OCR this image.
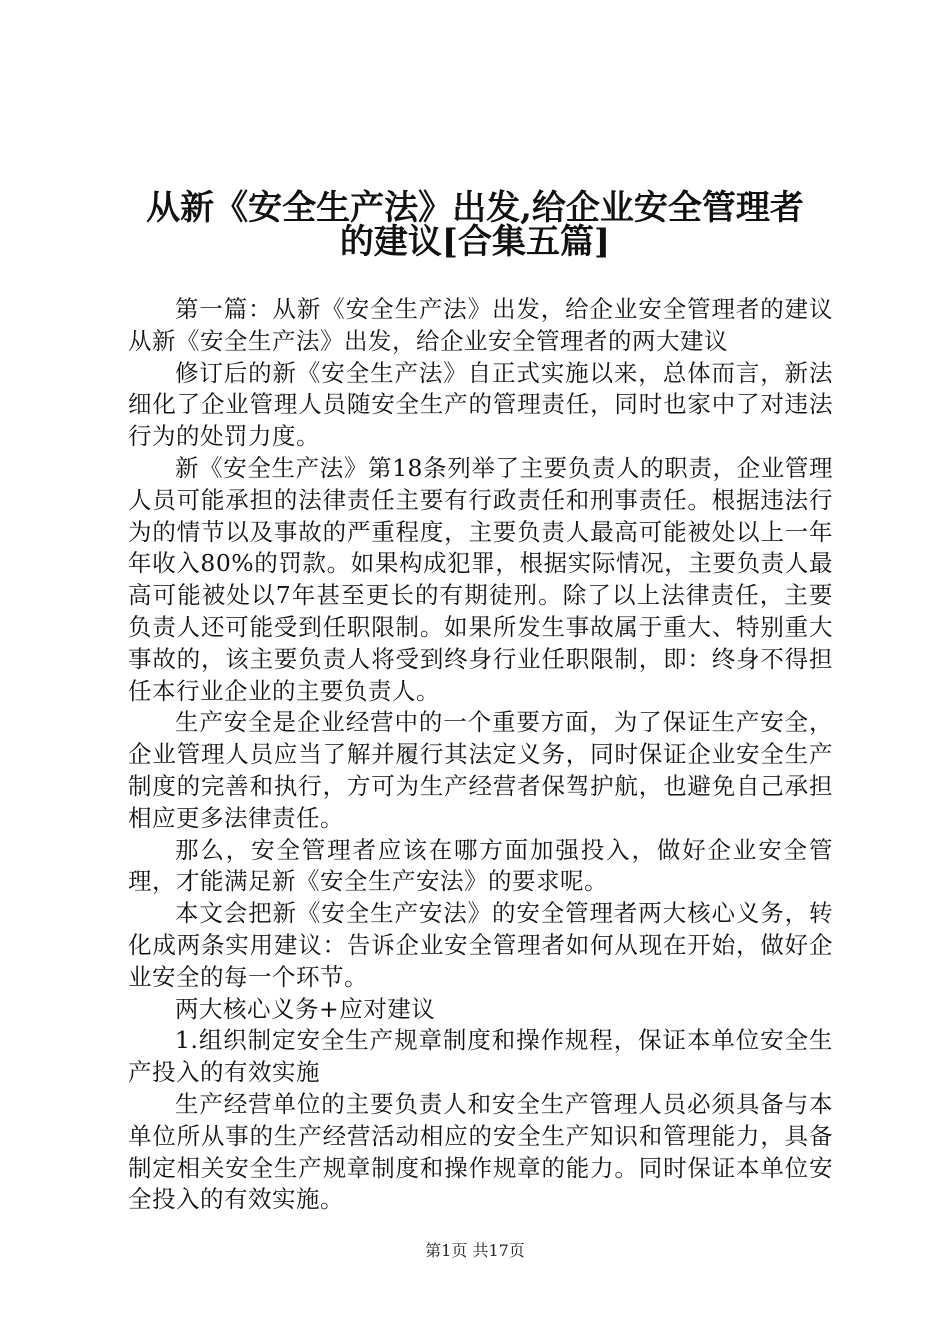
从新《安全生产法》出发,给企业安全管理者
的建议[合集五篇]

第一篇：从新《安全生产法》出发，给企业安全管理者的建议从新《安全生产法》出发，给企业安全管理者的两大建议

修订后的新《安全生产法》自正式实施以来，总体而言，新法细化了企业管理人员随安全生产的管理责任，同时也家中了对违法行为的处罚力度。

新《安全生产法》第18条列举了主要负责人的职责，企业管理人员可能承担的法律责任主要有行政责任和刑事责任。根据违法行为的情节以及事故的严重程度，主要负责人最高可能被处以上一年年收入80%的罚款。如果构成犯罪，根据实际情况，主要负责人最高可能被处以7年甚至更长的有期徒刑。除了以上法律责任，主要负责人还可能受到任职限制。如果所发生事故属于重大、特别重大事故的，该主要负责人将受到终身行业任职限制，即：终身不得担任本行业企业的主要负责人。

生产安全是企业经营中的一个重要方面，为了保证生产安全，企业管理人员应当了解并履行其法定义务，同时保证企业安全生产制度的完善和执行，方可为生产经营者保驾护航，也避免自己承担相应更多法律责任。

那么，安全管理者应该在哪方面加强投入，做好企业安全管理，才能满足新《安全生产安法》的要求呢。

本文会把新《安全生产安法》的安全管理者两大核心义务，转化成两条实用建议：告诉企业安全管理者如何从现在开始，做好企业安全的每一个环节。

两大核心义务+应对建议

1.组织制定安全生产规章制度和操作规程，保证本单位安全生产投入的有效实施

生产经营单位的主要负责人和安全生产管理人员必须具备与本单位所从事的生产经营活动相应的安全生产知识和管理能力，具备制定相关安全生产规章制度和操作规章的能力。同时保证本单位安全投入的有效实施。

第1页 共17页
